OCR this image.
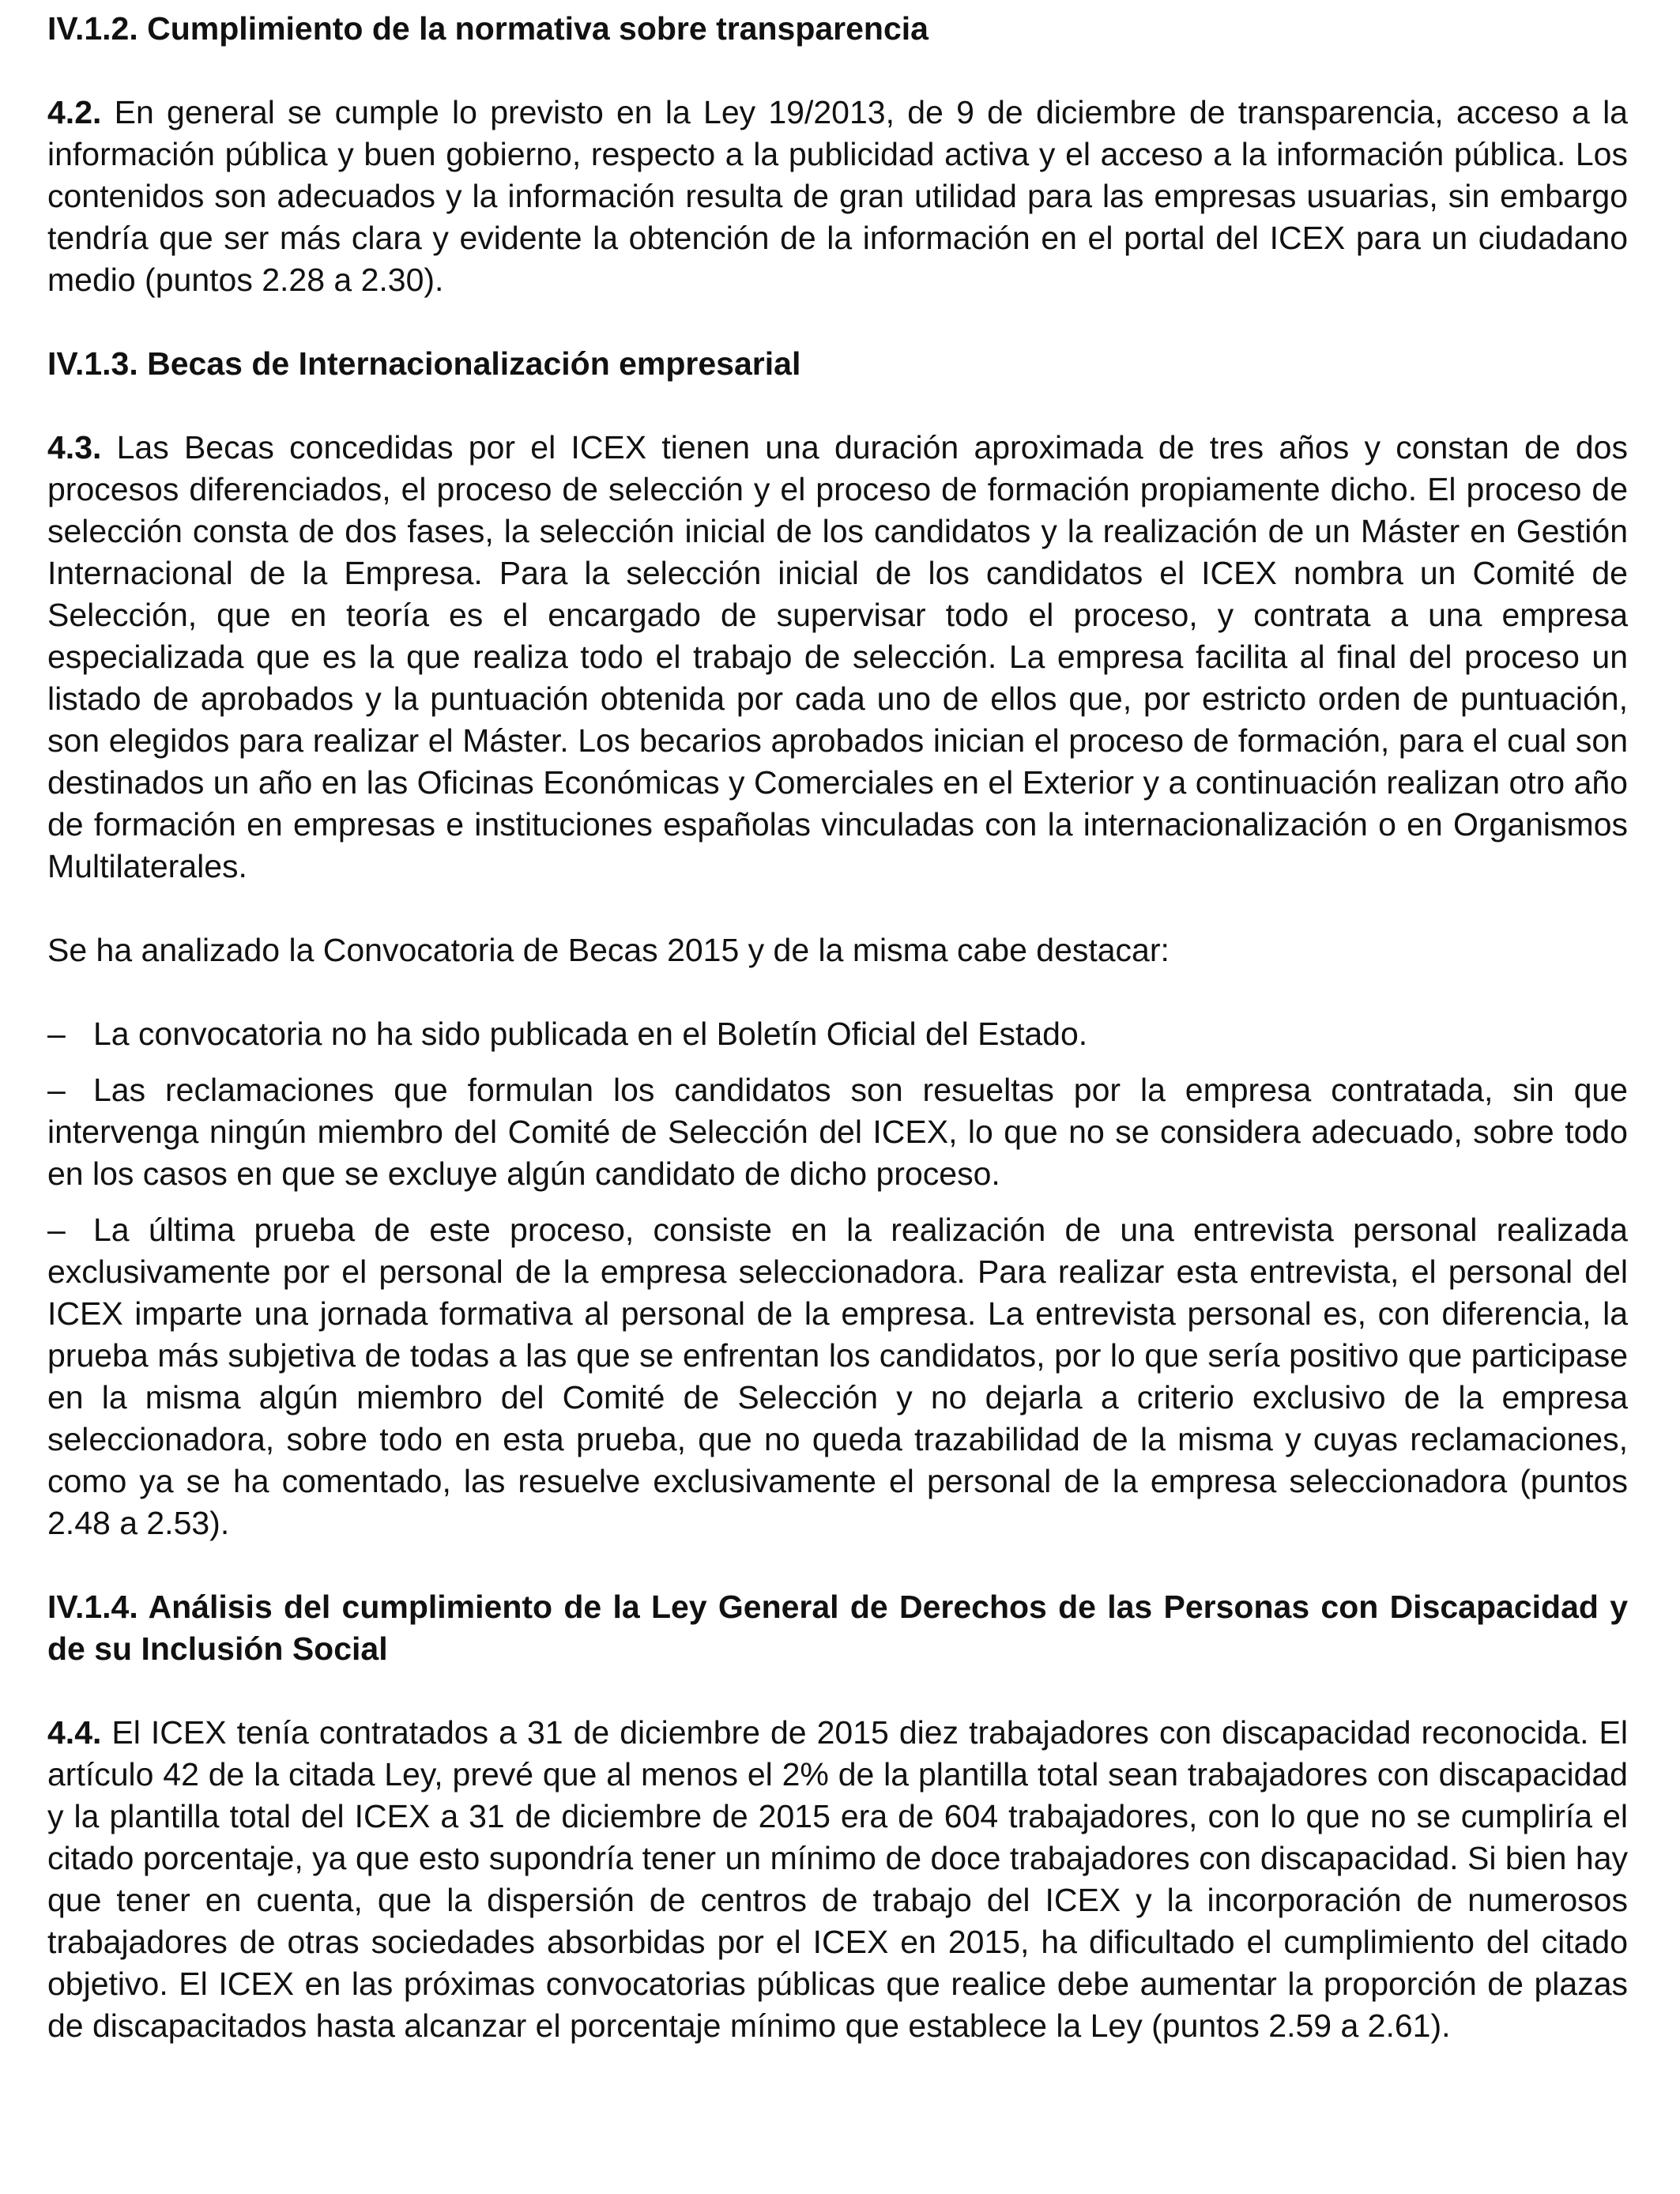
IV.1.2. Cumplimiento de la normativa sobre transparencia

4.2. En general se cumple lo previsto en la Ley 19/2013, de 9 de diciembre de transparencia, acceso a la información pública y buen gobierno, respecto a la publicidad activa y el acceso a la información pública. Los contenidos son adecuados y la información resulta de gran utilidad para las empresas usuarias, sin embargo tendría que ser más clara y evidente la obtención de la información en el portal del ICEX para un ciudadano medio (puntos 2.28 a 2.30).

IV.1.3. Becas de Internacionalización empresarial

4.3. Las Becas concedidas por el ICEX tienen una duración aproximada de tres años y constan de dos procesos diferenciados, el proceso de selección y el proceso de formación propiamente dicho. El proceso de selección consta de dos fases, la selección inicial de los candidatos y la realización de un Máster en Gestión Internacional de la Empresa. Para la selección inicial de los candidatos el ICEX nombra un Comité de Selección, que en teoría es el encargado de supervisar todo el proceso, y contrata a una empresa especializada que es la que realiza todo el trabajo de selección. La empresa facilita al final del proceso un listado de aprobados y la puntuación obtenida por cada uno de ellos que, por estricto orden de puntuación, son elegidos para realizar el Máster. Los becarios aprobados inician el proceso de formación, para el cual son destinados un año en las Oficinas Económicas y Comerciales en el Exterior y a continuación realizan otro año de formación en empresas e instituciones españolas vinculadas con la internacionalización o en Organismos Multilaterales.

Se ha analizado la Convocatoria de Becas 2015 y de la misma cabe destacar:

– La convocatoria no ha sido publicada en el Boletín Oficial del Estado.

– Las reclamaciones que formulan los candidatos son resueltas por la empresa contratada, sin que intervenga ningún miembro del Comité de Selección del ICEX, lo que no se considera adecuado, sobre todo en los casos en que se excluye algún candidato de dicho proceso.

– La última prueba de este proceso, consiste en la realización de una entrevista personal realizada exclusivamente por el personal de la empresa seleccionadora. Para realizar esta entrevista, el personal del ICEX imparte una jornada formativa al personal de la empresa. La entrevista personal es, con diferencia, la prueba más subjetiva de todas a las que se enfrentan los candidatos, por lo que sería positivo que participase en la misma algún miembro del Comité de Selección y no dejarla a criterio exclusivo de la empresa seleccionadora, sobre todo en esta prueba, que no queda trazabilidad de la misma y cuyas reclamaciones, como ya se ha comentado, las resuelve exclusivamente el personal de la empresa seleccionadora (puntos 2.48 a 2.53).

IV.1.4. Análisis del cumplimiento de la Ley General de Derechos de las Personas con Discapacidad y de su Inclusión Social

4.4. El ICEX tenía contratados a 31 de diciembre de 2015 diez trabajadores con discapacidad reconocida. El artículo 42 de la citada Ley, prevé que al menos el 2% de la plantilla total sean trabajadores con discapacidad y la plantilla total del ICEX a 31 de diciembre de 2015 era de 604 trabajadores, con lo que no se cumpliría el citado porcentaje, ya que esto supondría tener un mínimo de doce trabajadores con discapacidad. Si bien hay que tener en cuenta, que la dispersión de centros de trabajo del ICEX y la incorporación de numerosos trabajadores de otras sociedades absorbidas por el ICEX en 2015, ha dificultado el cumplimiento del citado objetivo. El ICEX en las próximas convocatorias públicas que realice debe aumentar la proporción de plazas de discapacitados hasta alcanzar el porcentaje mínimo que establece la Ley (puntos 2.59 a 2.61).
